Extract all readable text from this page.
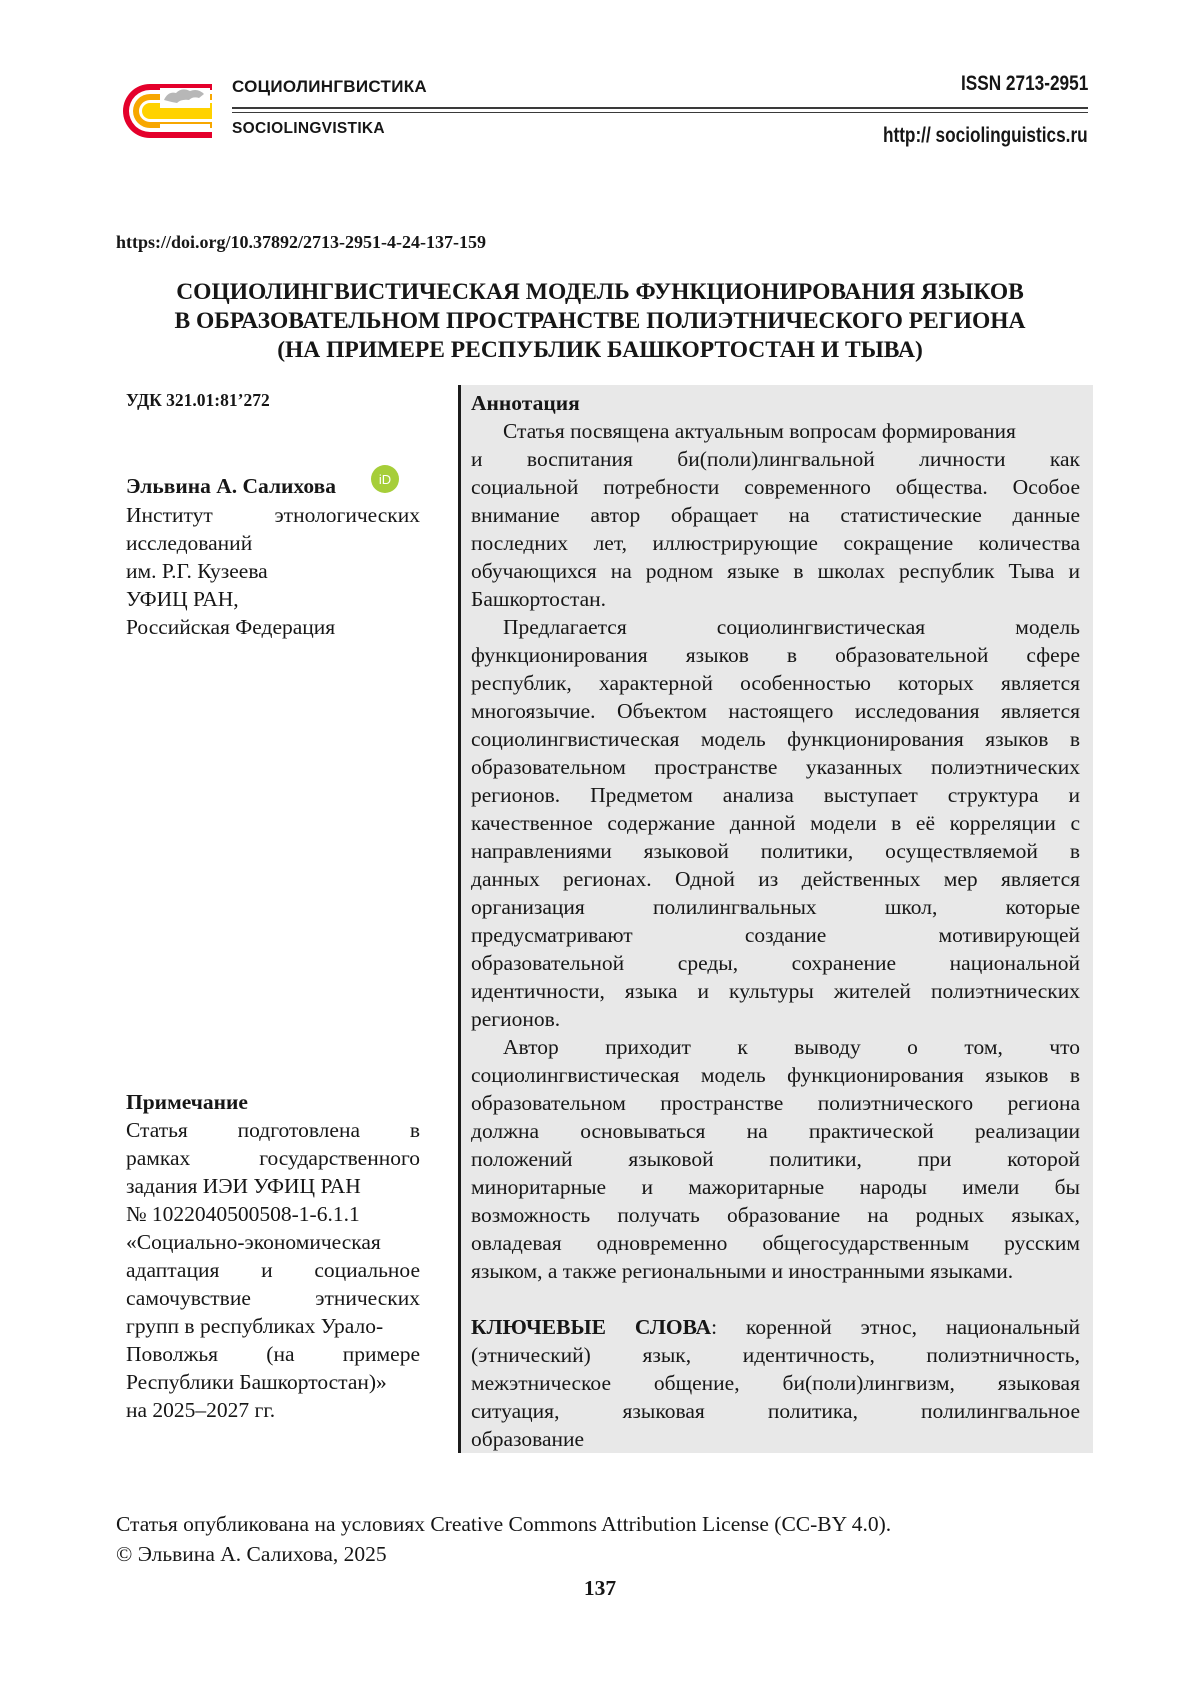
СОЦИОЛИНГВИСТИКА
SOCIOLINGVISTIKA
ISSN 2713-2951
http:// sociolinguistics.ru
https://doi.org/10.37892/2713-2951-4-24-137-159
СОЦИОЛИНГВИСТИЧЕСКАЯ МОДЕЛЬ ФУНКЦИОНИРОВАНИЯ ЯЗЫКОВ
В ОБРАЗОВАТЕЛЬНОМ ПРОСТРАНСТВЕ ПОЛИЭТНИЧЕСКОГО РЕГИОНА
(НА ПРИМЕРЕ РЕСПУБЛИК БАШКОРТОСТАН И ТЫВА)
УДК 321.01:81’272
Эльвина А. Салихова	iD
Институт этнологических
исследований
им. Р.Г. Кузеева
УФИЦ РАН,
Российская Федерация
Примечание
Статья подготовлена в
рамках государственного
задания ИЭИ УФИЦ РАН
№ 1022040500508-1-6.1.1
«Социально-экономическая
адаптация и социальное
самочувствие этнических
групп в республиках Урало-
Поволжья (на примере
Республики Башкортостан)»
на 2025–2027 гг.
Аннотация
Статья посвящена актуальным вопросам формирования
и воспитания би(поли)лингвальной личности как
социальной потребности современного общества. Особое
внимание автор обращает на статистические данные
последних лет, иллюстрирующие сокращение количества
обучающихся на родном языке в школах республик Тыва и
Башкортостан.
Предлагается социолингвистическая модель
функционирования языков в образовательной сфере
республик, характерной особенностью которых является
многоязычие. Объектом настоящего исследования является
социолингвистическая модель функционирования языков в
образовательном пространстве указанных полиэтнических
регионов. Предметом анализа выступает структура и
качественное содержание данной модели в её корреляции с
направлениями языковой политики, осуществляемой в
данных регионах. Одной из действенных мер является
организация полилингвальных школ, которые
предусматривают создание мотивирующей
образовательной среды, сохранение национальной
идентичности, языка и культуры жителей полиэтнических
регионов.
Автор приходит к выводу о том, что
социолингвистическая модель функционирования языков в
образовательном пространстве полиэтнического региона
должна основываться на практической реализации
положений языковой политики, при которой
миноритарные и мажоритарные народы имели бы
возможность получать образование на родных языках,
овладевая одновременно общегосударственным русским
языком, а также региональными и иностранными языками.
КЛЮЧЕВЫЕ СЛОВА: коренной этнос, национальный
(этнический) язык, идентичность, полиэтничность,
межэтническое общение, би(поли)лингвизм, языковая
ситуация, языковая политика, полилингвальное
образование
Статья опубликована на условиях Creative Commons Attribution License (CC-BY 4.0).
© Эльвина А. Салихова, 2025
137
